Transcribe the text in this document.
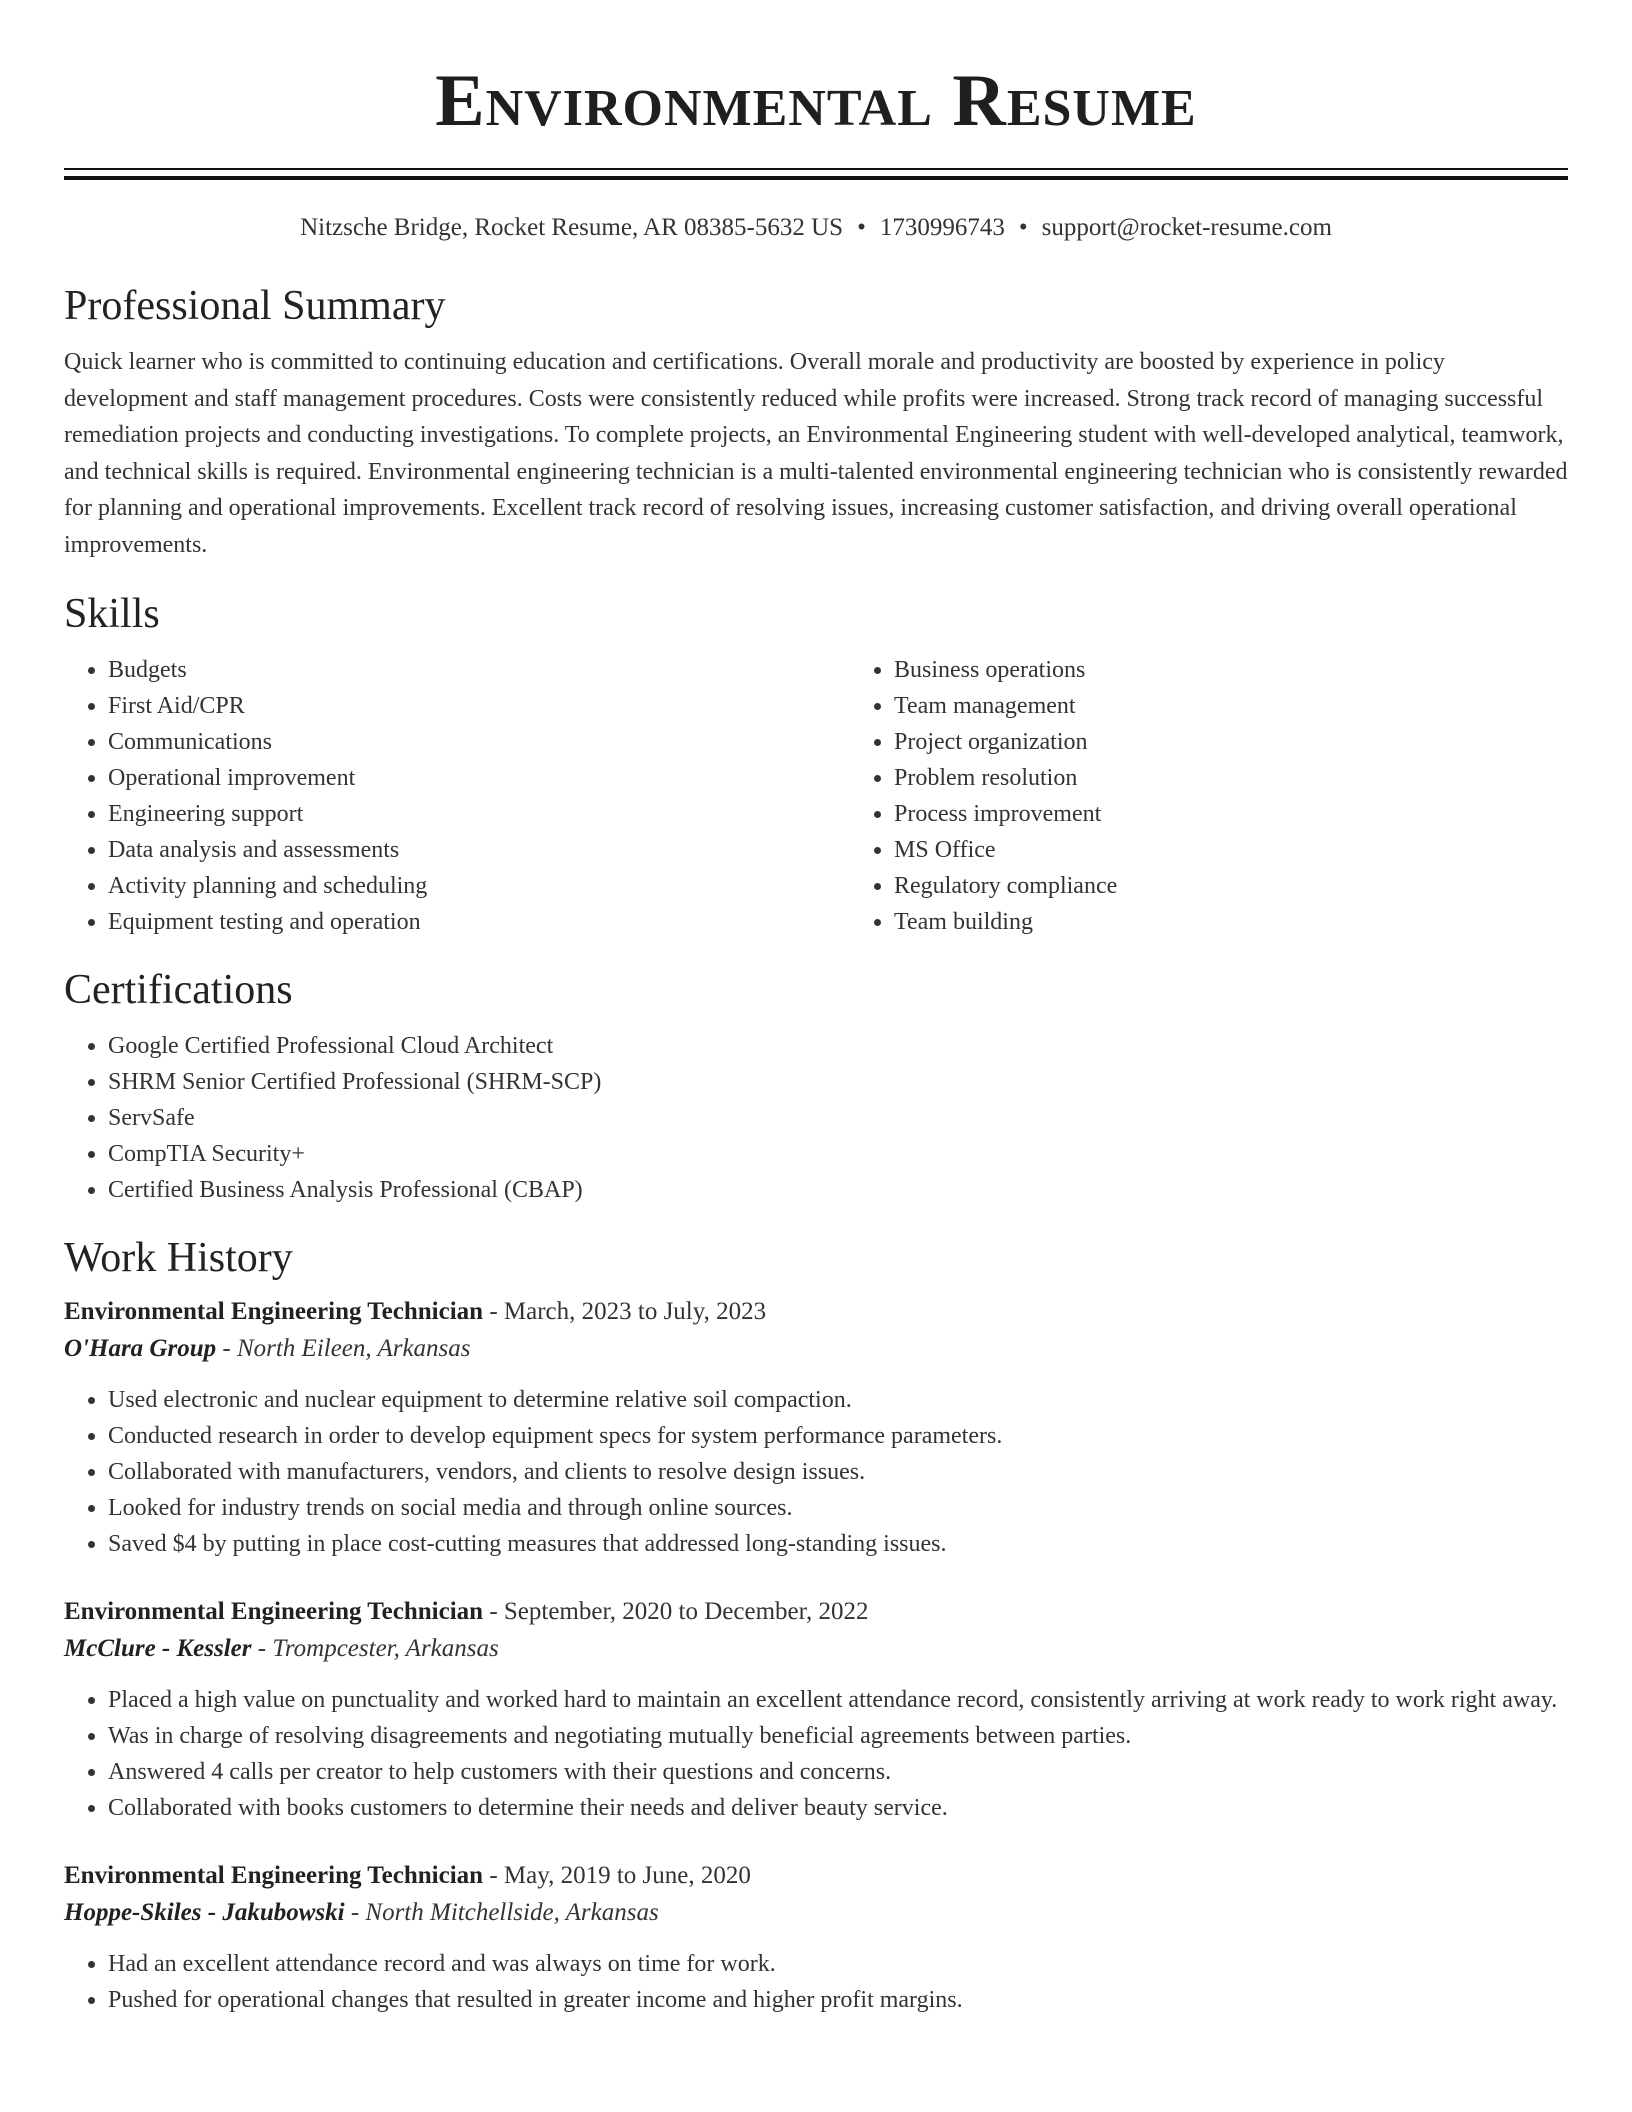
Environmental Resume
Nitzsche Bridge, Rocket Resume, AR 08385-5632 US • 1730996743 • support@rocket-resume.com
Professional Summary

Quick learner who is committed to continuing education and certifications. Overall morale and productivity are boosted by experience in policy development and staff management procedures. Costs were consistently reduced while profits were increased. Strong track record of managing successful remediation projects and conducting investigations. To complete projects, an Environmental Engineering student with well-developed analytical, teamwork, and technical skills is required. Environmental engineering technician is a multi-talented environmental engineering technician who is consistently rewarded for planning and operational improvements. Excellent track record of resolving issues, increasing customer satisfaction, and driving overall operational improvements.

Skills
• Budgets
• First Aid/CPR
• Communications
• Operational improvement
• Engineering support
• Data analysis and assessments
• Activity planning and scheduling
• Equipment testing and operation
• Business operations
• Team management
• Project organization
• Problem resolution
• Process improvement
• MS Office
• Regulatory compliance
• Team building
Certifications
• Google Certified Professional Cloud Architect
• SHRM Senior Certified Professional (SHRM-SCP)
• ServSafe
• CompTIA Security+
• Certified Business Analysis Professional (CBAP)
Work History
Environmental Engineering Technician - March, 2023 to July, 2023
O'Hara Group - North Eileen, Arkansas
• Used electronic and nuclear equipment to determine relative soil compaction.
• Conducted research in order to develop equipment specs for system performance parameters.
• Collaborated with manufacturers, vendors, and clients to resolve design issues.
• Looked for industry trends on social media and through online sources.
• Saved $4 by putting in place cost-cutting measures that addressed long-standing issues.
Environmental Engineering Technician - September, 2020 to December, 2022
McClure - Kessler - Trompcester, Arkansas
• Placed a high value on punctuality and worked hard to maintain an excellent attendance record, consistently arriving at work ready to work right away.
• Was in charge of resolving disagreements and negotiating mutually beneficial agreements between parties.
• Answered 4 calls per creator to help customers with their questions and concerns.
• Collaborated with books customers to determine their needs and deliver beauty service.
Environmental Engineering Technician - May, 2019 to June, 2020
Hoppe-Skiles - Jakubowski - North Mitchellside, Arkansas
• Had an excellent attendance record and was always on time for work.
• Pushed for operational changes that resulted in greater income and higher profit margins.
